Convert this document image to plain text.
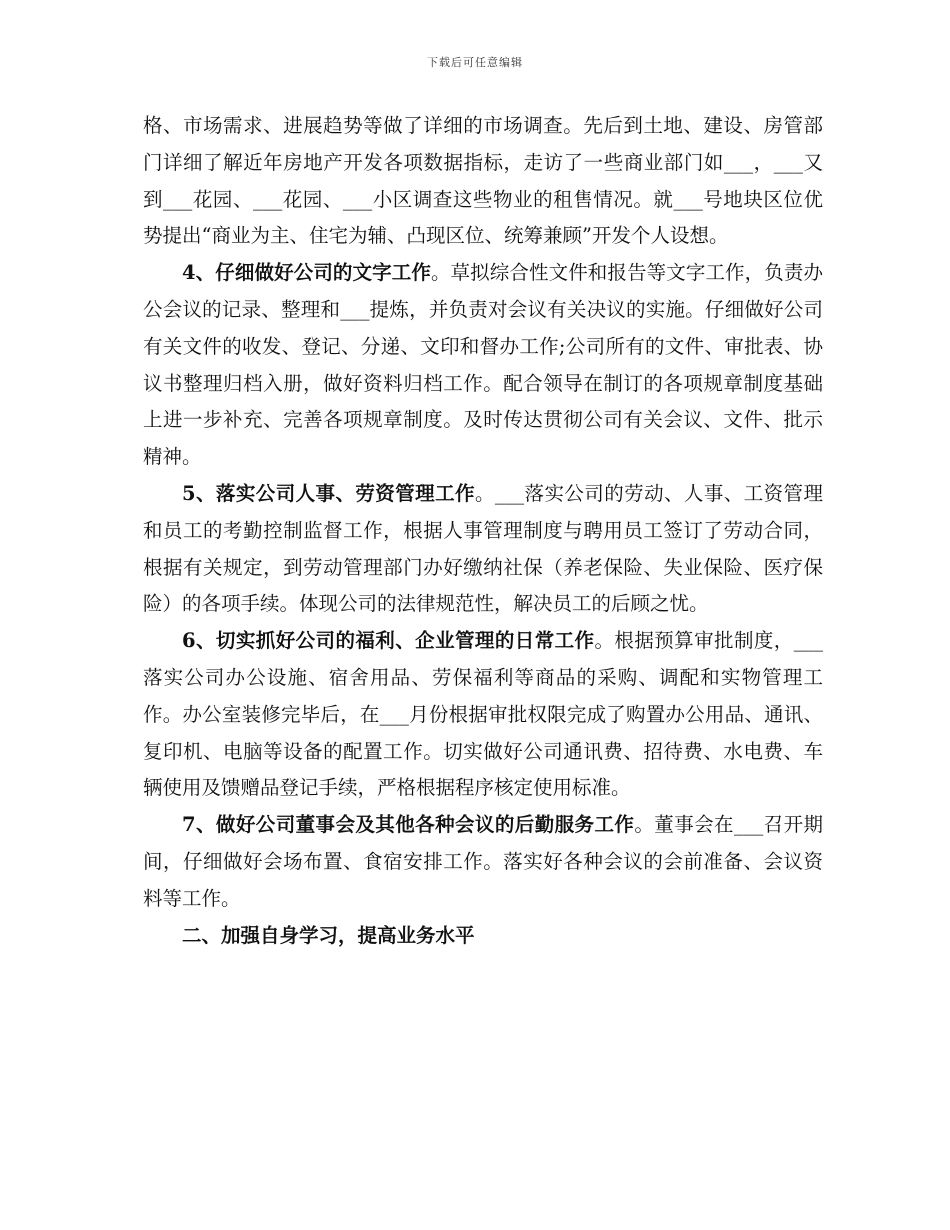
下载后可任意编辑

格、市场需求、进展趋势等做了详细的市场调查。先后到土地、建设、房管部门详细了解近年房地产开发各项数据指标，走访了一些商业部门如___，___又到___花园、___花园、___小区调查这些物业的租售情况。就___号地块区位优势提出“商业为主、住宅为辅、凸现区位、统筹兼顾”开发个人设想。

4、仔细做好公司的文字工作。草拟综合性文件和报告等文字工作，负责办公会议的记录、整理和___提炼，并负责对会议有关决议的实施。仔细做好公司有关文件的收发、登记、分递、文印和督办工作;公司所有的文件、审批表、协议书整理归档入册，做好资料归档工作。配合领导在制订的各项规章制度基础上进一步补充、完善各项规章制度。及时传达贯彻公司有关会议、文件、批示精神。

5、落实公司人事、劳资管理工作。___落实公司的劳动、人事、工资管理和员工的考勤控制监督工作，根据人事管理制度与聘用员工签订了劳动合同，根据有关规定，到劳动管理部门办好缴纳社保（养老保险、失业保险、医疗保险）的各项手续。体现公司的法律规范性，解决员工的后顾之忧。

6、切实抓好公司的福利、企业管理的日常工作。根据预算审批制度，___落实公司办公设施、宿舍用品、劳保福利等商品的采购、调配和实物管理工作。办公室装修完毕后，在___月份根据审批权限完成了购置办公用品、通讯、复印机、电脑等设备的配置工作。切实做好公司通讯费、招待费、水电费、车辆使用及馈赠品登记手续，严格根据程序核定使用标准。

7、做好公司董事会及其他各种会议的后勤服务工作。董事会在___召开期间，仔细做好会场布置、食宿安排工作。落实好各种会议的会前准备、会议资料等工作。

二、加强自身学习，提高业务水平
